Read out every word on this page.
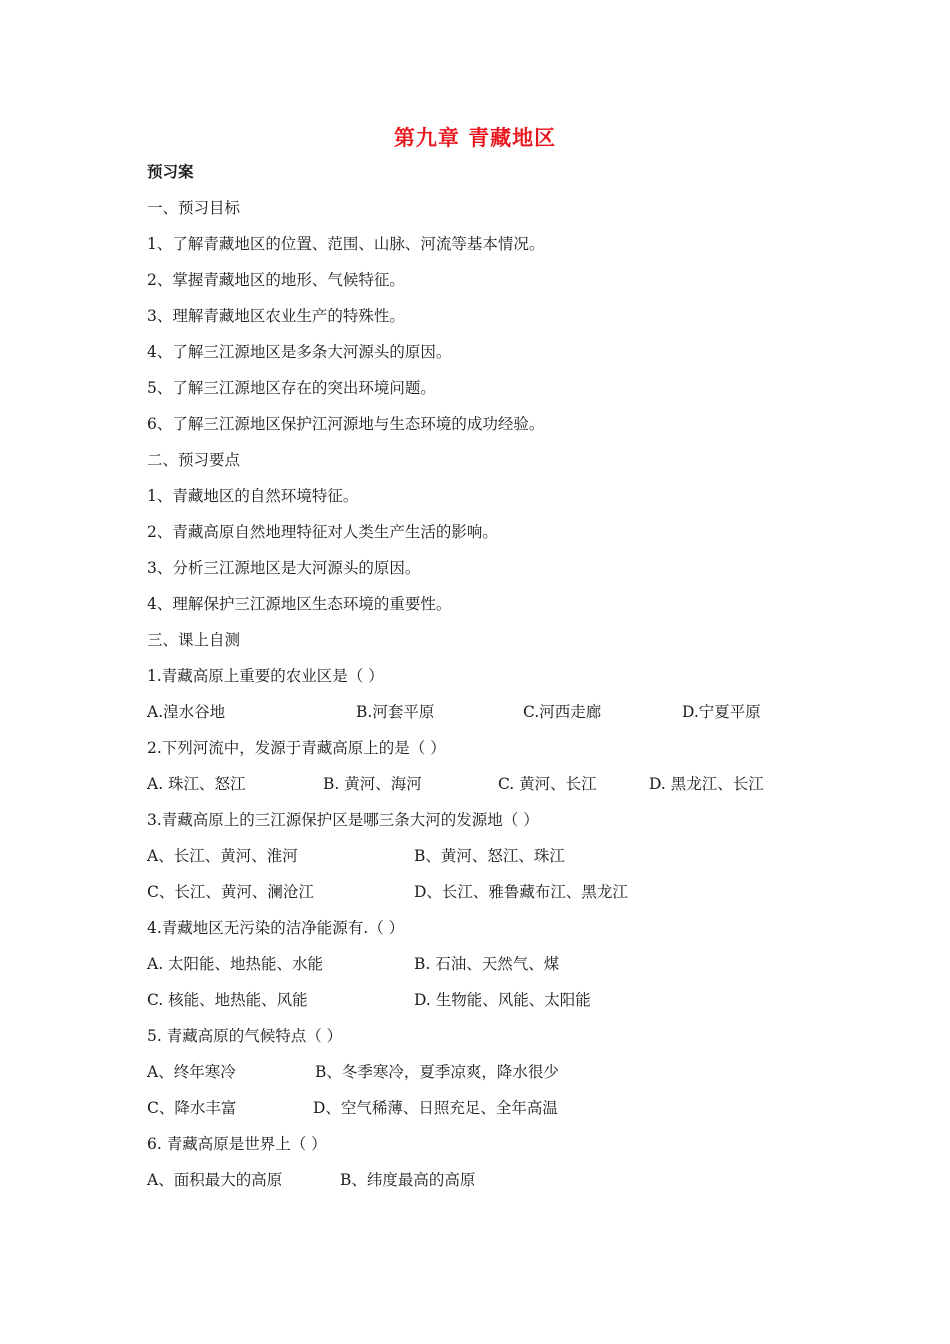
第九章 青藏地区
预习案
一、预习目标
1、了解青藏地区的位置、范围、山脉、河流等基本情况。
2、掌握青藏地区的地形、气候特征。
3、理解青藏地区农业生产的特殊性。
4、了解三江源地区是多条大河源头的原因。
5、了解三江源地区存在的突出环境问题。
6、了解三江源地区保护江河源地与生态环境的成功经验。
二、预习要点
1、青藏地区的自然环境特征。
2、青藏高原自然地理特征对人类生产生活的影响。
3、分析三江源地区是大河源头的原因。
4、理解保护三江源地区生态环境的重要性。
三、课上自测
1.青藏高原上重要的农业区是（ ）
A.湟水谷地	B.河套平原	C.河西走廊	D.宁夏平原
2.下列河流中，发源于青藏高原上的是（ ）
A. 珠江、怒江	B. 黄河、海河	C. 黄河、长江	D. 黑龙江、长江
3.青藏高原上的三江源保护区是哪三条大河的发源地（ ）
A、长江、黄河、淮河	B、黄河、怒江、珠江
C、长江、黄河、澜沧江	D、长江、雅鲁藏布江、黑龙江
4.青藏地区无污染的洁净能源有.（ ）
A. 太阳能、地热能、水能	B. 石油、天然气、煤
C. 核能、地热能、风能	D. 生物能、风能、太阳能
5. 青藏高原的气候特点（ ）
A、终年寒冷	B、冬季寒冷，夏季凉爽，降水很少
C、降水丰富	D、空气稀薄、日照充足、全年高温
6. 青藏高原是世界上（ ）
A、面积最大的高原	B、纬度最高的高原
